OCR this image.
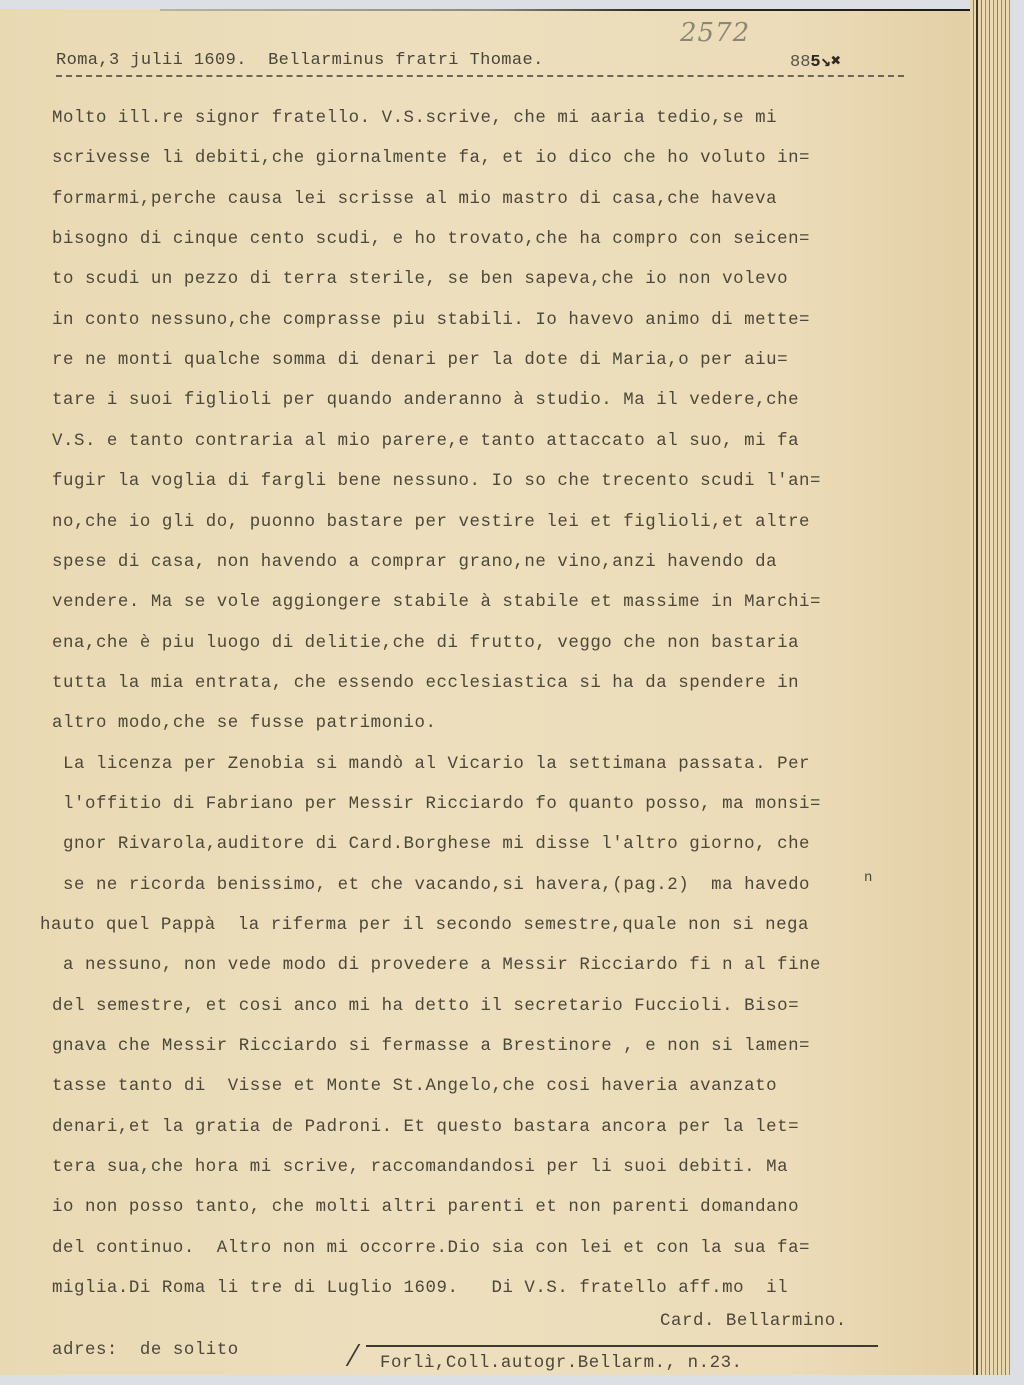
2572
Roma,3 julii 1609. Bellarminus fratri Thomae.	885↘✖
Molto ill.re signor fratello. V.S.scrive, che mi aaria tedio,se mi
scrivesse li debiti,che giornalmente fa, et io dico che ho voluto in=
formarmi,perche causa lei scrisse al mio mastro di casa,che haveva
bisogno di cinque cento scudi, e ho trovato,che ha compro con seicen=
to scudi un pezzo di terra sterile, se ben sapeva,che io non volevo
in conto nessuno,che comprasse piu stabili. Io havevo animo di mette=
re ne monti qualche somma di denari per la dote di Maria,o per aiu=
tare i suoi figlioli per quando anderanno à studio. Ma il vedere,che
V.S. e tanto contraria al mio parere,e tanto attaccato al suo, mi fa
fugir la voglia di fargli bene nessuno. Io so che trecento scudi l'an=
no,che io gli do, puonno bastare per vestire lei et figlioli,et altre
spese di casa, non havendo a comprar grano,ne vino,anzi havendo da
vendere. Ma se vole aggiongere stabile à stabile et massime in Marchi=
ena,che è piu luogo di delitie,che di frutto, veggo che non bastaria
tutta la mia entrata, che essendo ecclesiastica si ha da spendere in
altro modo,che se fusse patrimonio.
La licenza per Zenobia si mandò al Vicario la settimana passata. Per
l'offitio di Fabriano per Messir Ricciardo fo quanto posso, ma monsi=
gnor Rivarola,auditore di Card.Borghese mi disse l'altro giorno, che
se ne ricorda benissimo, et che vacando,si havera,(pag.2)  ma havedo
hauto quel Pappà  la riferma per il secondo semestre,quale non si nega
a nessuno, non vede modo di provedere a Messir Ricciardo fi n al fine
del semestre, et cosi anco mi ha detto il secretario Fuccioli. Biso=
gnava che Messir Ricciardo si fermasse a Brestinore , e non si lamen=
tasse tanto di  Visse et Monte St.Angelo,che cosi haveria avanzato
denari,et la gratia de Padroni. Et questo bastara ancora per la let=
tera sua,che hora mi scrive, raccomandandosi per li suoi debiti. Ma
io non posso tanto, che molti altri parenti et non parenti domandano
del continuo.  Altro non mi occorre.Dio sia con lei et con la sua fa=
miglia.Di Roma li tre di Luglio 1609.   Di V.S. fratello aff.mo  il
n
Card. Bellarmino.
adres:  de solito
Forlì,Coll.autogr.Bellarm., n.23.
